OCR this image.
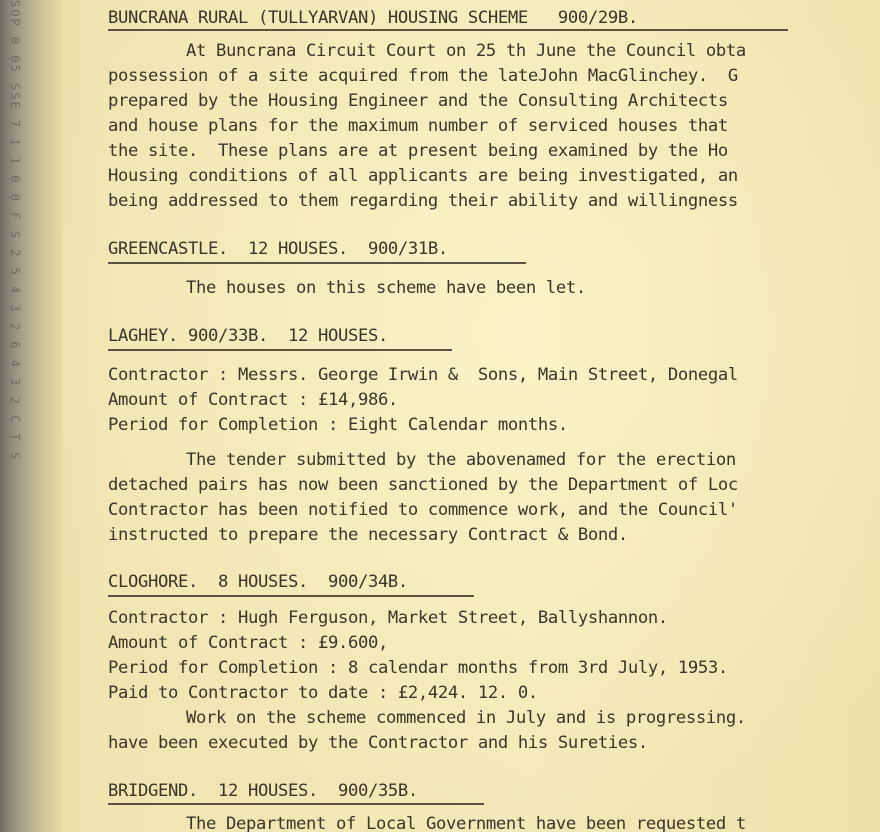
SOP 0 05 SSE 7 1 1 0 0 F S 2 5 4 3 2 6 4 3 2 C T S	BUNCRANA RURAL (TULLYARVAN) HOUSING SCHEME   900/29B.
At Buncrana Circuit Court on 25 th June the Council obta
possession of a site acquired from the lateJohn MacGlinchey.  G
prepared by the Housing Engineer and the Consulting Architects
and house plans for the maximum number of serviced houses that
the site.  These plans are at present being examined by the Ho
Housing conditions of all applicants are being investigated, an
being addressed to them regarding their ability and willingness
GREENCASTLE.  12 HOUSES.  900/31B.
The houses on this scheme have been let.
LAGHEY. 900/33B.  12 HOUSES.
Contractor : Messrs. George Irwin &  Sons, Main Street, Donegal
Amount of Contract : £14,986.
Period for Completion : Eight Calendar months.
The tender submitted by the abovenamed for the erection
detached pairs has now been sanctioned by the Department of Loc
Contractor has been notified to commence work, and the Council'
instructed to prepare the necessary Contract & Bond.
CLOGHORE.  8 HOUSES.  900/34B.
Contractor : Hugh Ferguson, Market Street, Ballyshannon.
Amount of Contract : £9.600,
Period for Completion : 8 calendar months from 3rd July, 1953.
Paid to Contractor to date : £2,424. 12. 0.
Work on the scheme commenced in July and is progressing.
have been executed by the Contractor and his Sureties.
BRIDGEND.  12 HOUSES.  900/35B.
The Department of Local Government have been requested t
